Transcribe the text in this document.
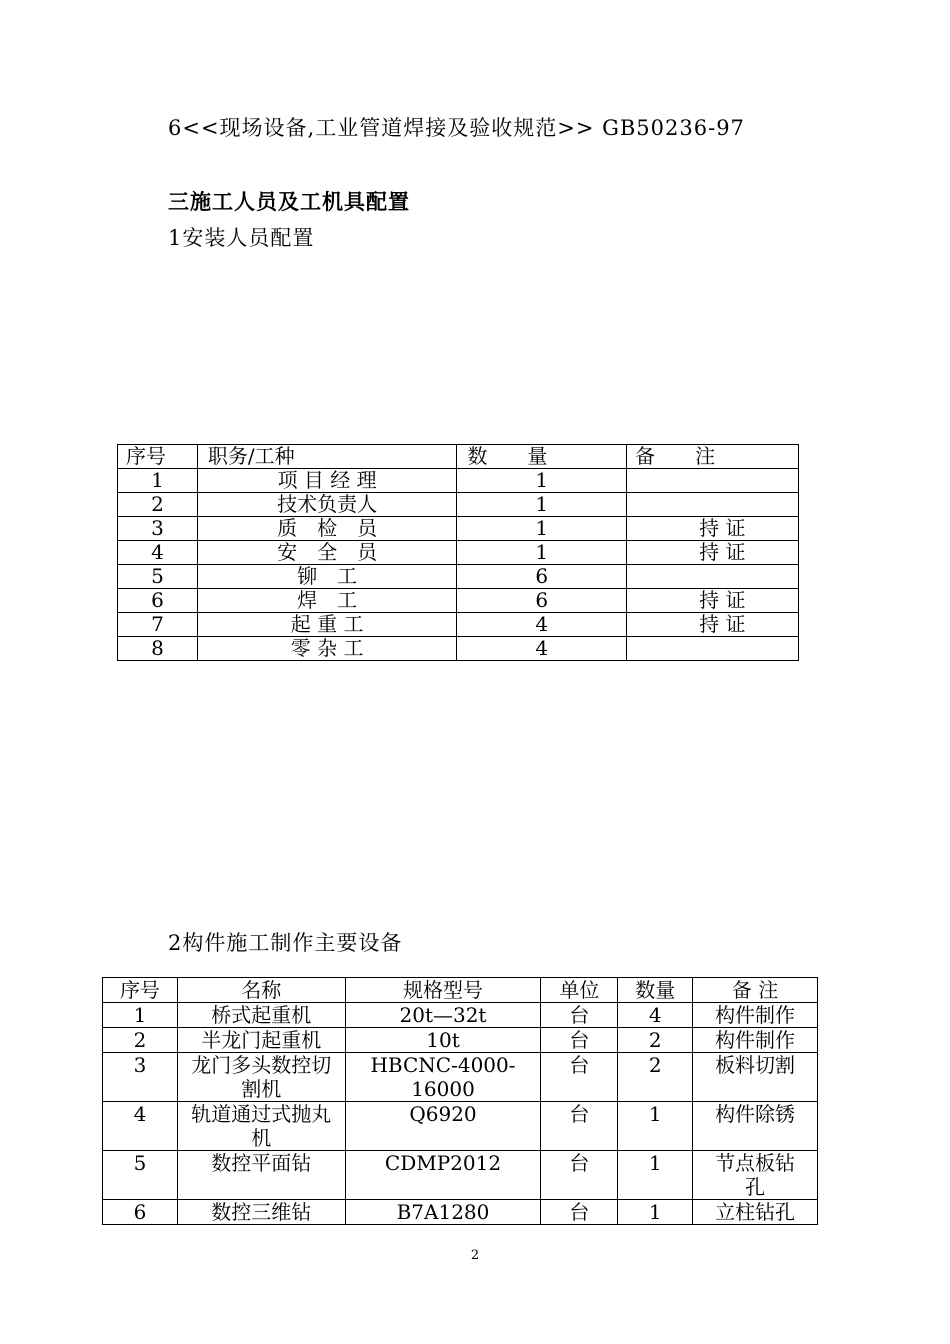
6<<现场设备,工业管道焊接及验收规范>> GB50236-97
三施工人员及工机具配置
1安装人员配置
序号	职务/工种	数　　量	备　　注
1	项 目 经 理	1	
2	技术负责人	1	
3	质　检　员	1	持 证
4	安　全　员	1	持 证
5	铆　工	6	
6	焊　工	6	持 证
7	起 重 工	4	持 证
8	零 杂 工	4	
2构件施工制作主要设备
序号	名称	规格型号	单位	数量	备 注
1	桥式起重机	20t—32t	台	4	构件制作
2	半龙门起重机	10t	台	2	构件制作
3	龙门多头数控切割机	HBCNC-4000-16000	台	2	板料切割
4	轨道通过式抛丸机	Q6920	台	1	构件除锈
5	数控平面钻	CDMP2012	台	1	节点板钻孔
6	数控三维钻	B7A1280	台	1	立柱钻孔
2
